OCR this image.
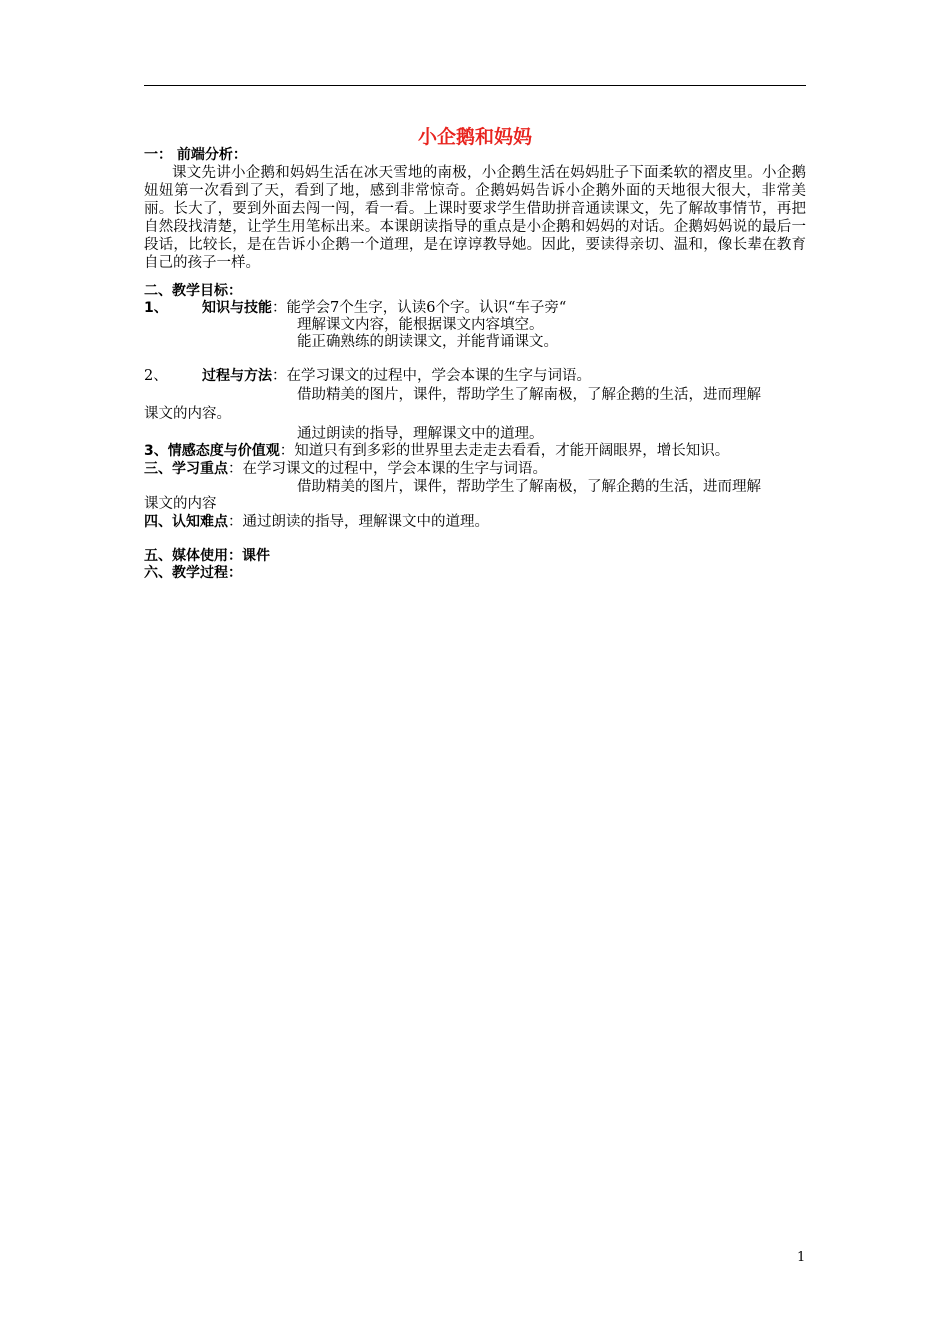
小企鹅和妈妈
一： 前端分析：
课文先讲小企鹅和妈妈生活在冰天雪地的南极，小企鹅生活在妈妈肚子下面柔软的褶皮里。小企鹅妞妞第一次看到了天，看到了地，感到非常惊奇。企鹅妈妈告诉小企鹅外面的天地很大很大，非常美丽。长大了，要到外面去闯一闯，看一看。上课时要求学生借助拼音通读课文，先了解故事情节，再把自然段找清楚，让学生用笔标出来。本课朗读指导的重点是小企鹅和妈妈的对话。企鹅妈妈说的最后一段话，比较长，是在告诉小企鹅一个道理，是在谆谆教导她。因此，要读得亲切、温和，像长辈在教育自己的孩子一样。
二、教学目标：
1、 知识与技能：能学会7个生字，认读6个字。认识“车子旁“
理解课文内容，能根据课文内容填空。
能正确熟练的朗读课文，并能背诵课文。
2、 过程与方法：在学习课文的过程中，学会本课的生字与词语。
借助精美的图片，课件，帮助学生了解南极，了解企鹅的生活，进而理解
课文的内容。
通过朗读的指导，理解课文中的道理。
3、情感态度与价值观：知道只有到多彩的世界里去走走去看看，才能开阔眼界，增长知识。
三、学习重点：在学习课文的过程中，学会本课的生字与词语。
借助精美的图片，课件，帮助学生了解南极，了解企鹅的生活，进而理解
课文的内容
四、认知难点：通过朗读的指导，理解课文中的道理。
五、媒体使用：课件
六、教学过程：
1
